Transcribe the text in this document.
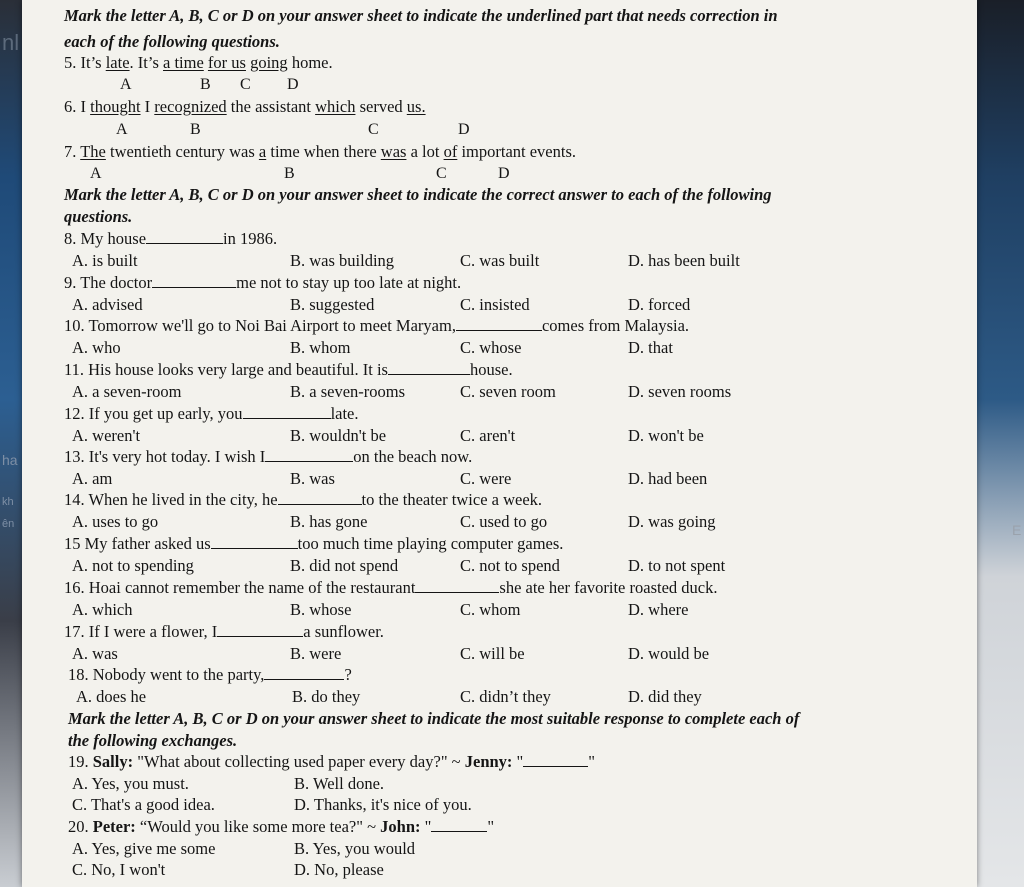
nl
ha
kh
ên	E
Mark the letter A, B, C or D on your answer sheet to indicate the underlined part that needs correction in
each of the following questions.
5. It’s late. It’s a time for us going home.
A	B C D
6. I thought I recognized the assistant which served us.
A	B	C	D
7. The twentieth century was a time when there was a lot of important events.
A	B	C	D
Mark the letter A, B, C or D on your answer sheet to indicate the correct answer to each of the following
questions.
8. My house	in 1986.
A. is built	B. was building	C. was built	D. has been built
9. The doctor	me not to stay up too late at night.
A. advised	B. suggested	C. insisted	D. forced
10. Tomorrow we'll go to Noi Bai Airport to meet Maryam,	comes from Malaysia.
A. who	B. whom	C. whose	D. that
11. His house looks very large and beautiful. It is	house.
A. a seven-room	B. a seven-rooms	C. seven room	D. seven rooms
12. If you get up early, you	late.
A. weren't	B. wouldn't be	C. aren't	D. won't be
13. It's very hot today. I wish I	on the beach now.
A. am	B. was	C. were	D. had been
14. When he lived in the city, he	to the theater twice a week.
A. uses to go	B. has gone	C. used to go	D. was going
15 My father asked us	too much time playing computer games.
A. not to spending	B. did not spend	C. not to spend	D. to not spent
16. Hoai cannot remember the name of the restaurant	she ate her favorite roasted duck.
A. which	B. whose	C. whom	D. where
17. If I were a flower, I	a sunflower.
A. was	B. were	C. will be	D. would be
18. Nobody went to the party,	?
A. does he	B. do they	C. didn’t they	D. did they
Mark the letter A, B, C or D on your answer sheet to indicate the most suitable response to complete each of
the following exchanges.
19. Sally: "What about collecting used paper every day?" ~ Jenny: "	"
A. Yes, you must.	B. Well done.
C. That's a good idea.	D. Thanks, it's nice of you.
20. Peter: “Would you like some more tea?" ~ John: "	"
A. Yes, give me some	B. Yes, you would
C. No, I won't	D. No, please
